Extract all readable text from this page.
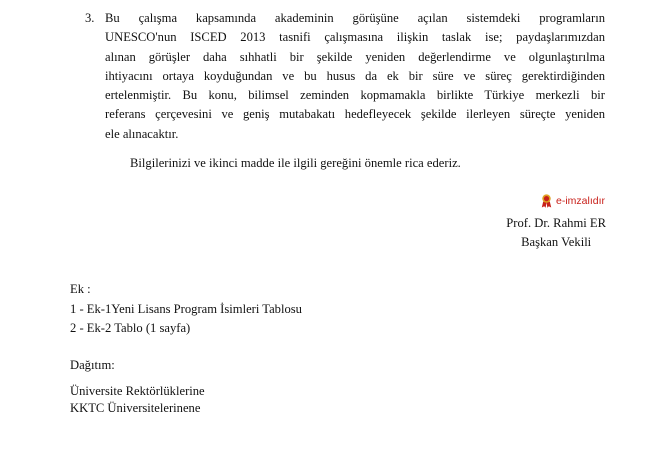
3. Bu çalışma kapsamında akademinin görüşüne açılan sistemdeki programların
UNESCO'nun ISCED 2013 tasnifi çalışmasına ilişkin taslak ise; paydaşlarımızdan
alınan görüşler daha sıhhatli bir şekilde yeniden değerlendirme ve olgunlaştırılma
ihtiyacını ortaya koyduğundan ve bu husus da ek bir süre ve süreç gerektirdiğinden
ertelenmiştir. Bu konu, bilimsel zeminden kopmamakla birlikte Türkiye merkezli bir
referans çerçevesini ve geniş mutabakatı hedefleyecek şekilde ilerleyen süreçte yeniden
ele alınacaktır.
Bilgilerinizi ve ikinci madde ile ilgili gereğini önemle rica ederiz.
e-imzalıdır
Prof. Dr. Rahmi ER
Başkan Vekili
Ek :
1 - Ek-1Yeni Lisans Program İsimleri Tablosu
2 - Ek-2 Tablo (1 sayfa)
Dağıtım:
Üniversite Rektörlüklerine
KKTC Üniversitelerinene
